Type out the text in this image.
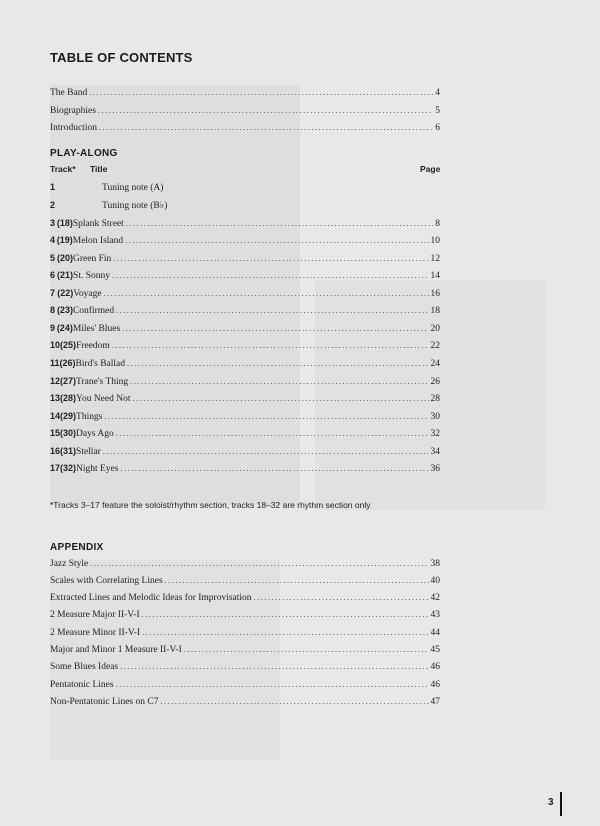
TABLE OF CONTENTS
The Band .....	4
Biographies .....	5
Introduction .....	6
PLAY-ALONG
Track* Title	Page
1	Tuning note (A)
2	Tuning note (B♭)
3 (18) Splank Street .....	8
4 (19) Melon Island .....	10
5 (20) Green Fin .....	12
6 (21) St. Sonny .....	14
7 (22) Voyage .....	16
8 (23) Confirmed .....	18
9 (24) Miles' Blues .....	20
10 (25) Freedom .....	22
11 (26) Bird's Ballad .....	24
12 (27) Trane's Thing .....	26
13 (28) You Need Not .....	28
14 (29) Things .....	30
15 (30) Days Ago .....	32
16 (31) Stellar .....	34
17 (32) Night Eyes .....	36
*Tracks 3–17 feature the soloist/rhythm section, tracks 18–32 are rhythm section only
APPENDIX
Jazz Style .....	38
Scales with Correlating Lines .....	40
Extracted Lines and Melodic Ideas for Improvisation .....	42
2 Measure Major II-V-I .....	43
2 Measure Minor II-V-I .....	44
Major and Minor 1 Measure II-V-I .....	45
Some Blues Ideas .....	46
Pentatonic Lines .....	46
Non-Pentatonic Lines on C7 .....	47
3
